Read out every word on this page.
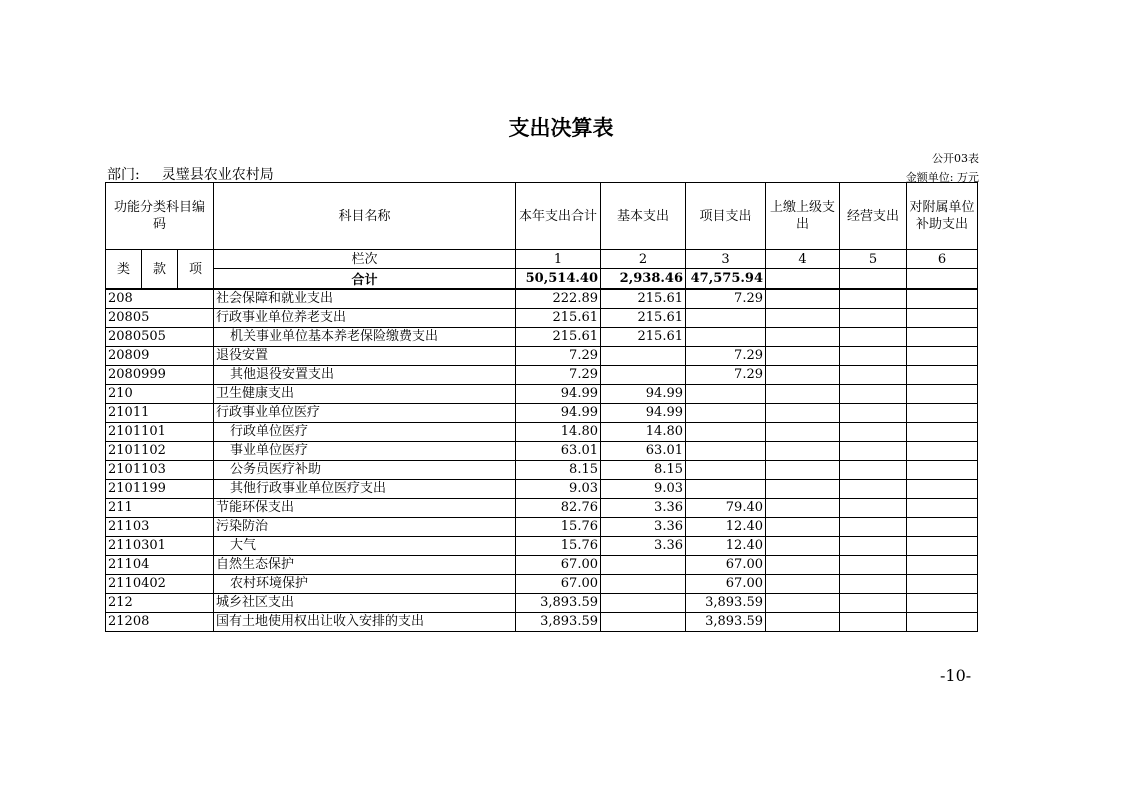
支出决算表
公开03表
部门: 灵璧县农业农村局	金额单位: 万元
功能分类科目编码			科目名称	本年支出合计	基本支出	项目支出	上缴上级支出	经营支出	对附属单位补助支出
类	款	项	栏次	1	2	3	4	5	6
			合计	50,514.40	2,938.46	47,575.94			
208			社会保障和就业支出	222.89	215.61	7.29			
20805			行政事业单位养老支出	215.61	215.61				
2080505			机关事业单位基本养老保险缴费支出	215.61	215.61				
20809			退役安置	7.29		7.29			
2080999			其他退役安置支出	7.29		7.29			
210			卫生健康支出	94.99	94.99				
21011			行政事业单位医疗	94.99	94.99				
2101101			行政单位医疗	14.80	14.80				
2101102			事业单位医疗	63.01	63.01				
2101103			公务员医疗补助	8.15	8.15				
2101199			其他行政事业单位医疗支出	9.03	9.03				
211			节能环保支出	82.76	3.36	79.40			
21103			污染防治	15.76	3.36	12.40			
2110301			大气	15.76	3.36	12.40			
21104			自然生态保护	67.00		67.00			
2110402			农村环境保护	67.00		67.00			
212			城乡社区支出	3,893.59		3,893.59			
21208			国有土地使用权出让收入安排的支出	3,893.59		3,893.59			
-10-
